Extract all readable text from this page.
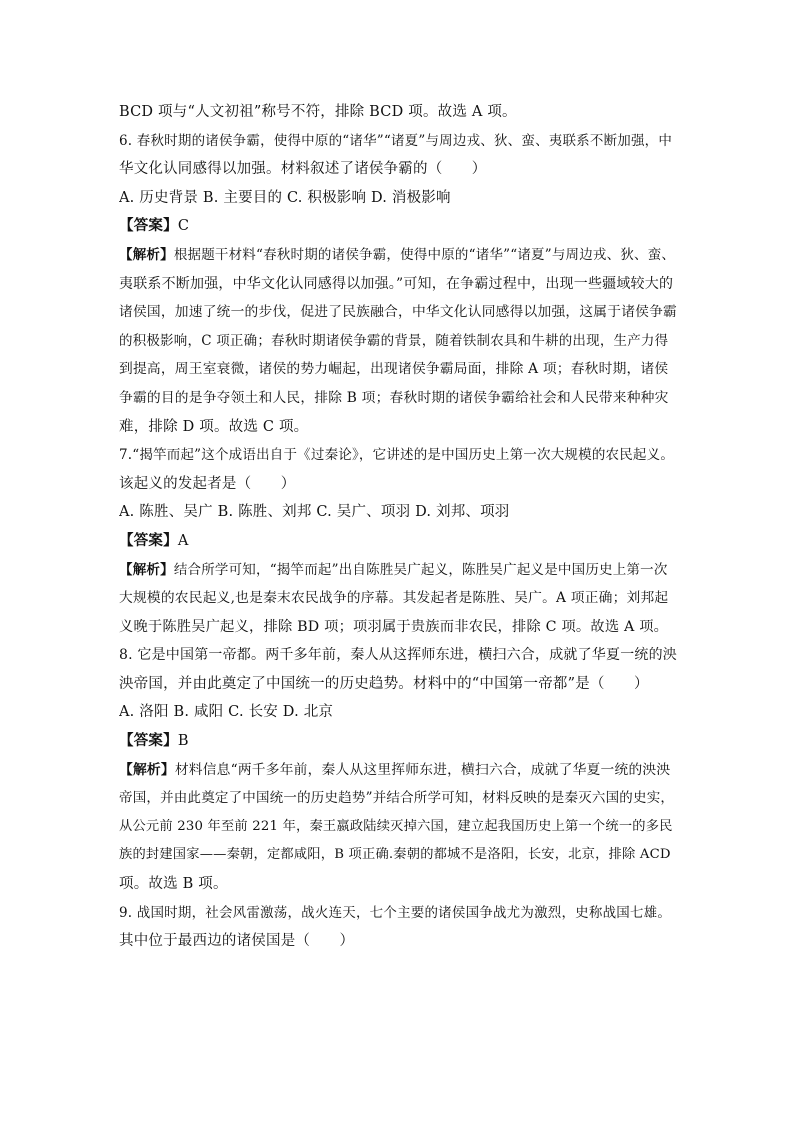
BCD 项与“人文初祖”称号不符，排除 BCD 项。故选 A 项。
6. 春秋时期的诸侯争霸，使得中原的“诸华”“诸夏”与周边戎、狄、蛮、夷联系不断加强，中
华文化认同感得以加强。材料叙述了诸侯争霸的（　　）
A. 历史背景 B. 主要目的 C. 积极影响 D. 消极影响
【答案】C
【解析】根据题干材料“春秋时期的诸侯争霸，使得中原的“诸华”“诸夏”与周边戎、狄、蛮、
夷联系不断加强，中华文化认同感得以加强。”可知，在争霸过程中，出现一些疆域较大的
诸侯国，加速了统一的步伐，促进了民族融合，中华文化认同感得以加强，这属于诸侯争霸
的积极影响，C 项正确；春秋时期诸侯争霸的背景，随着铁制农具和牛耕的出现，生产力得
到提高，周王室衰微，诸侯的势力崛起，出现诸侯争霸局面，排除 A 项；春秋时期，诸侯
争霸的目的是争夺领土和人民，排除 B 项；春秋时期的诸侯争霸给社会和人民带来种种灾
难，排除 D 项。故选 C 项。
7.“揭竿而起”这个成语出自于《过秦论》，它讲述的是中国历史上第一次大规模的农民起义。
该起义的发起者是（　　）
A. 陈胜、吴广 B. 陈胜、刘邦 C. 吴广、项羽 D. 刘邦、项羽
【答案】A
【解析】结合所学可知，“揭竿而起”出自陈胜吴广起义，陈胜吴广起义是中国历史上第一次
大规模的农民起义,也是秦末农民战争的序幕。其发起者是陈胜、吴广。A 项正确；刘邦起
义晚于陈胜吴广起义，排除 BD 项；项羽属于贵族而非农民，排除 C 项。故选 A 项。
8. 它是中国第一帝都。两千多年前，秦人从这挥师东进，横扫六合，成就了华夏一统的泱
泱帝国，并由此奠定了中国统一的历史趋势。材料中的“中国第一帝都”是（　　）
A. 洛阳 B. 咸阳 C. 长安 D. 北京
【答案】B
【解析】材料信息“两千多年前，秦人从这里挥师东进，横扫六合，成就了华夏一统的泱泱
帝国，并由此奠定了中国统一的历史趋势”并结合所学可知，材料反映的是秦灭六国的史实，
从公元前 230 年至前 221 年，秦王嬴政陆续灭掉六国，建立起我国历史上第一个统一的多民
族的封建国家——秦朝，定都咸阳，B 项正确.秦朝的都城不是洛阳，长安，北京，排除 ACD
项。故选 B 项。
9. 战国时期，社会风雷激荡，战火连天，七个主要的诸侯国争战尤为激烈，史称战国七雄。
其中位于最西边的诸侯国是（　　）
